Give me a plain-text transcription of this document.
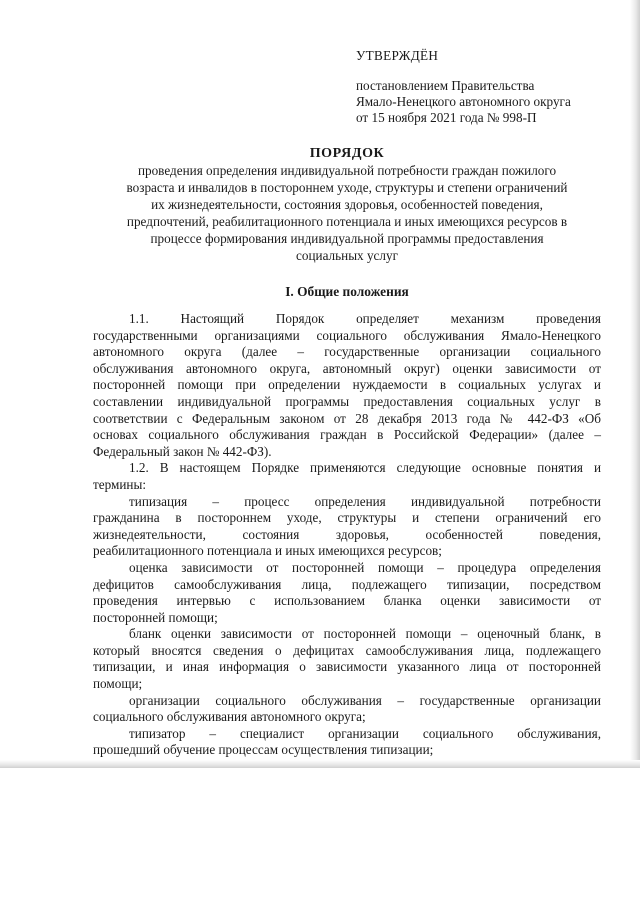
УТВЕРЖДЁН
постановлением Правительства
Ямало-Ненецкого автономного округа
от 15 ноября 2021 года № 998-П
ПОРЯДОК
проведения определения индивидуальной потребности граждан пожилого
возраста и инвалидов в постороннем уходе, структуры и степени ограничений
их жизнедеятельности, состояния здоровья, особенностей поведения,
предпочтений, реабилитационного потенциала и иных имеющихся ресурсов в
процессе формирования индивидуальной программы предоставления
социальных услуг
I. Общие положения
1.1. Настоящий Порядок определяет механизм проведения
государственными организациями социального обслуживания Ямало-Ненецкого
автономного округа (далее – государственные организации социального
обслуживания автономного округа, автономный округ) оценки зависимости от
посторонней помощи при определении нуждаемости в социальных услугах и
составлении индивидуальной программы предоставления социальных услуг в
соответствии с Федеральным законом от 28 декабря 2013 года № 442-ФЗ «Об
основах социального обслуживания граждан в Российской Федерации» (далее –
Федеральный закон № 442-ФЗ).
1.2. В настоящем Порядке применяются следующие основные понятия и
термины:
типизация – процесс определения индивидуальной потребности
гражданина в постороннем уходе, структуры и степени ограничений его
жизнедеятельности, состояния здоровья, особенностей поведения,
реабилитационного потенциала и иных имеющихся ресурсов;
оценка зависимости от посторонней помощи – процедура определения
дефицитов самообслуживания лица, подлежащего типизации, посредством
проведения интервью с использованием бланка оценки зависимости от
посторонней помощи;
бланк оценки зависимости от посторонней помощи – оценочный бланк, в
который вносятся сведения о дефицитах самообслуживания лица, подлежащего
типизации, и иная информация о зависимости указанного лица от посторонней
помощи;
организации социального обслуживания – государственные организации
социального обслуживания автономного округа;
типизатор – специалист организации социального обслуживания,
прошедший обучение процессам осуществления типизации;
